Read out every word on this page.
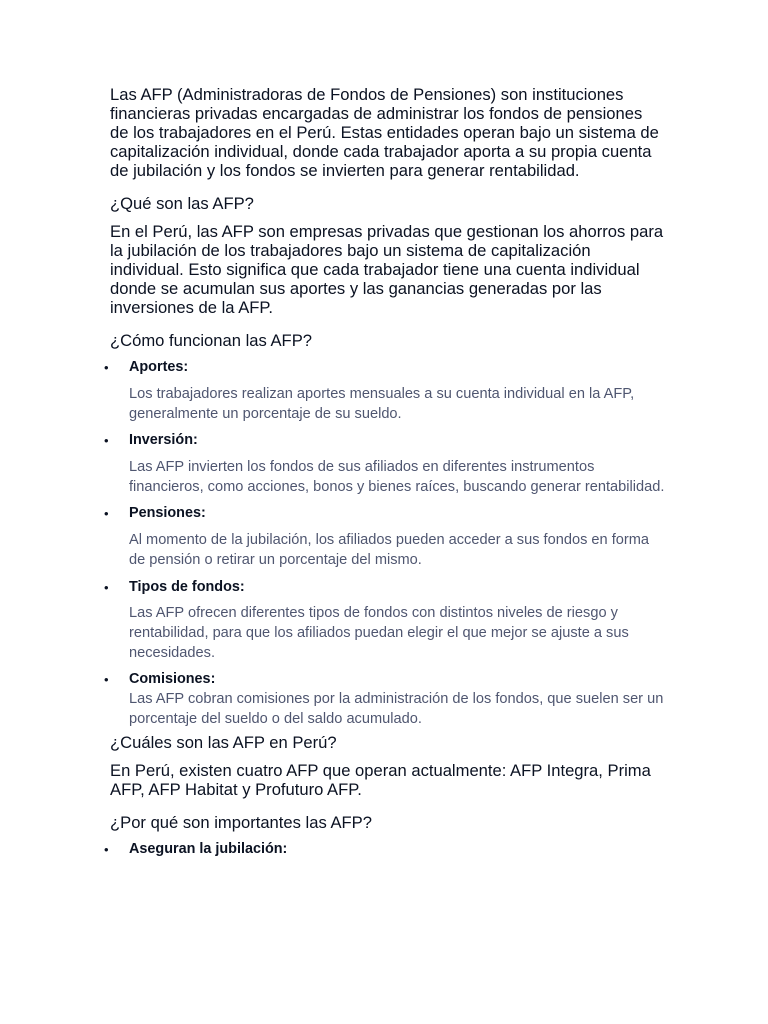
Las AFP (Administradoras de Fondos de Pensiones) son instituciones financieras privadas encargadas de administrar los fondos de pensiones de los trabajadores en el Perú. Estas entidades operan bajo un sistema de capitalización individual, donde cada trabajador aporta a su propia cuenta de jubilación y los fondos se invierten para generar rentabilidad.

¿Qué son las AFP?

En el Perú, las AFP son empresas privadas que gestionan los ahorros para la jubilación de los trabajadores bajo un sistema de capitalización individual. Esto significa que cada trabajador tiene una cuenta individual donde se acumulan sus aportes y las ganancias generadas por las inversiones de la AFP.

¿Cómo funcionan las AFP?

• Aportes:

Los trabajadores realizan aportes mensuales a su cuenta individual en la AFP, generalmente un porcentaje de su sueldo.

• Inversión:

Las AFP invierten los fondos de sus afiliados en diferentes instrumentos financieros, como acciones, bonos y bienes raíces, buscando generar rentabilidad.

• Pensiones:

Al momento de la jubilación, los afiliados pueden acceder a sus fondos en forma de pensión o retirar un porcentaje del mismo.

• Tipos de fondos:

Las AFP ofrecen diferentes tipos de fondos con distintos niveles de riesgo y rentabilidad, para que los afiliados puedan elegir el que mejor se ajuste a sus necesidades.

• Comisiones:

Las AFP cobran comisiones por la administración de los fondos, que suelen ser un porcentaje del sueldo o del saldo acumulado.

¿Cuáles son las AFP en Perú?

En Perú, existen cuatro AFP que operan actualmente: AFP Integra, Prima AFP, AFP Habitat y Profuturo AFP.

¿Por qué son importantes las AFP?

• Aseguran la jubilación:
